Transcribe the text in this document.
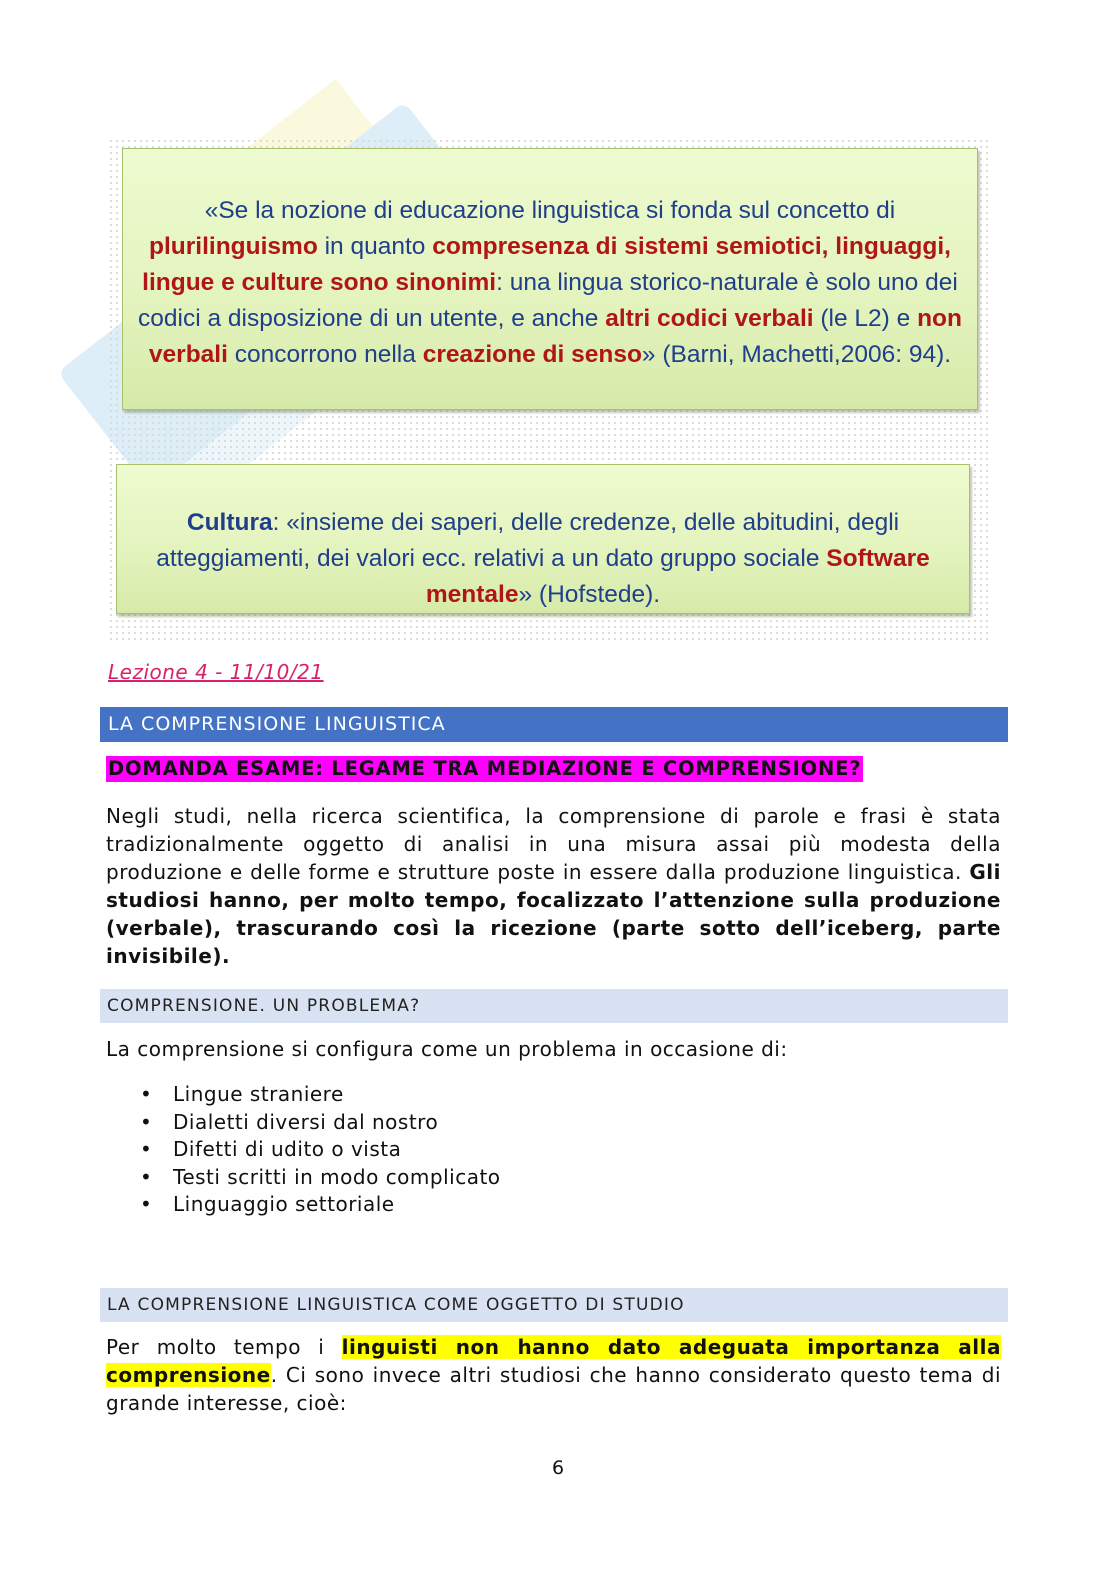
«Se la nozione di educazione linguistica si fonda sul concetto di plurilinguismo in quanto compresenza di sistemi semiotici, linguaggi, lingue e culture sono sinonimi: una lingua storico-naturale è solo uno dei codici a disposizione di un utente, e anche altri codici verbali (le L2) e non verbali concorrono nella creazione di senso» (Barni, Machetti,2006: 94).
Cultura: «insieme dei saperi, delle credenze, delle abitudini, degli atteggiamenti, dei valori ecc. relativi a un dato gruppo sociale Software mentale» (Hofstede).
Lezione 4 - 11/10/21
LA COMPRENSIONE LINGUISTICA
DOMANDA ESAME: LEGAME TRA MEDIAZIONE E COMPRENSIONE?
Negli studi, nella ricerca scientifica, la comprensione di parole e frasi è stata tradizionalmente oggetto di analisi in una misura assai più modesta della produzione e delle forme e strutture poste in essere dalla produzione linguistica. Gli studiosi hanno, per molto tempo, focalizzato l’attenzione sulla produzione (verbale), trascurando così la ricezione (parte sotto dell’iceberg, parte invisibile).
COMPRENSIONE. UN PROBLEMA?
La comprensione si configura come un problema in occasione di:
• Lingue straniere
• Dialetti diversi dal nostro
• Difetti di udito o vista
• Testi scritti in modo complicato
• Linguaggio settoriale
LA COMPRENSIONE LINGUISTICA COME OGGETTO DI STUDIO
Per molto tempo i linguisti non hanno dato adeguata importanza alla comprensione. Ci sono invece altri studiosi che hanno considerato questo tema di grande interesse, cioè:
6
